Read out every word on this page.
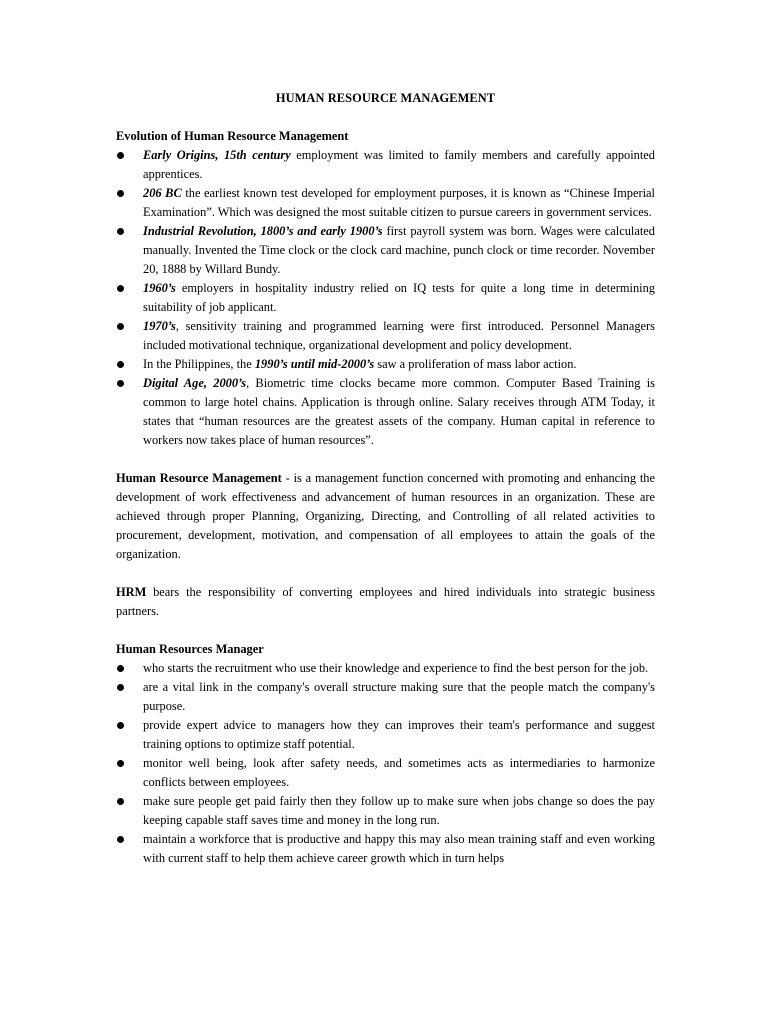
HUMAN RESOURCE MANAGEMENT
Evolution of Human Resource Management
Early Origins, 15th century employment was limited to family members and carefully appointed apprentices.
206 BC the earliest known test developed for employment purposes, it is known as “Chinese Imperial Examination”. Which was designed the most suitable citizen to pursue careers in government services.
Industrial Revolution, 1800’s and early 1900’s first payroll system was born. Wages were calculated manually. Invented the Time clock or the clock card machine, punch clock or time recorder. November 20, 1888 by Willard Bundy.
1960’s employers in hospitality industry relied on IQ tests for quite a long time in determining suitability of job applicant.
1970’s, sensitivity training and programmed learning were first introduced. Personnel Managers included motivational technique, organizational development and policy development.
In the Philippines, the 1990’s until mid-2000’s saw a proliferation of mass labor action.
Digital Age, 2000’s, Biometric time clocks became more common. Computer Based Training is common to large hotel chains. Application is through online. Salary receives through ATM Today, it states that “human resources are the greatest assets of the company. Human capital in reference to workers now takes place of human resources”.

Human Resource Management - is a management function concerned with promoting and enhancing the development of work effectiveness and advancement of human resources in an organization. These are achieved through proper Planning, Organizing, Directing, and Controlling of all related activities to procurement, development, motivation, and compensation of all employees to attain the goals of the organization.

HRM bears the responsibility of converting employees and hired individuals into strategic business partners.

Human Resources Manager
who starts the recruitment who use their knowledge and experience to find the best person for the job.
are a vital link in the company's overall structure making sure that the people match the company's purpose.
provide expert advice to managers how they can improves their team's performance and suggest training options to optimize staff potential.
monitor well being, look after safety needs, and sometimes acts as intermediaries to harmonize conflicts between employees.
make sure people get paid fairly then they follow up to make sure when jobs change so does the pay keeping capable staff saves time and money in the long run.
maintain a workforce that is productive and happy this may also mean training staff and even working with current staff to help them achieve career growth which in turn helps
